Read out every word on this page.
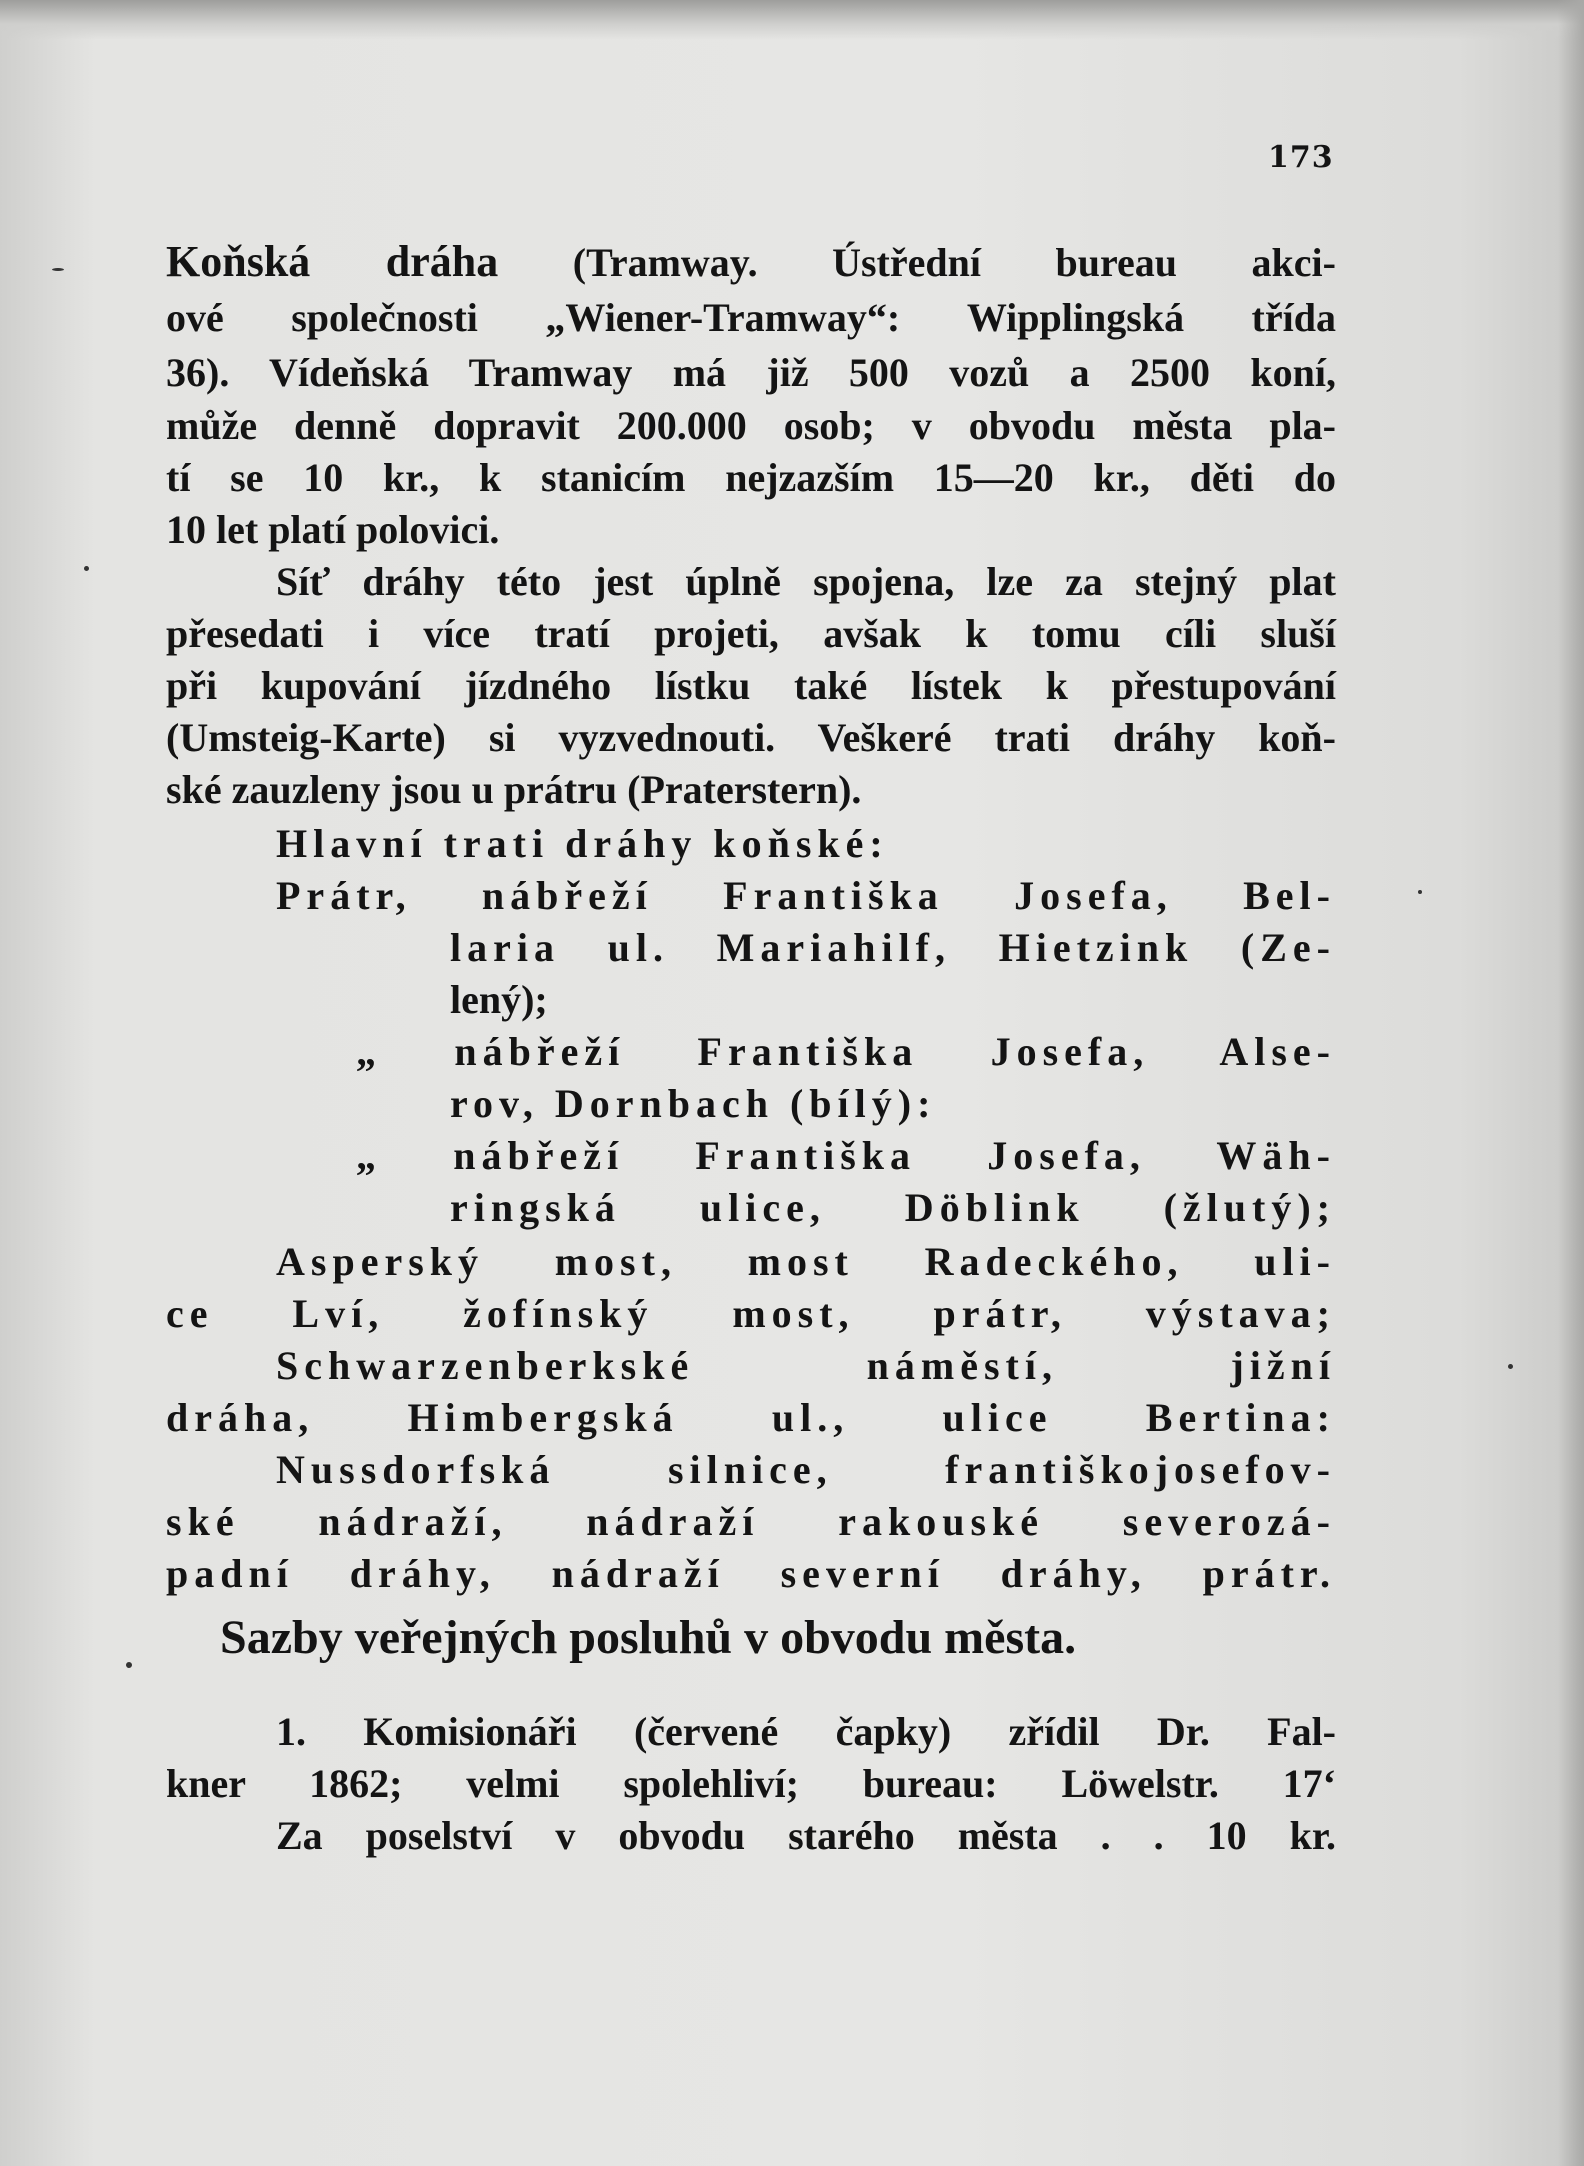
173
Koňská dráha (Tramway. Ústřední bureau akci-
ové společnosti „Wiener-Tramway“: Wipplingská třída
36). Vídeňská Tramway má již 500 vozů a 2500 koní,
může denně dopravit 200.000 osob; v obvodu města pla-
tí se 10 kr., k stanicím nejzazším 15—20 kr., děti do
10 let platí polovici.
Síť dráhy této jest úplně spojena, lze za stejný plat
přesedati i více tratí projeti, avšak k tomu cíli sluší
při kupování jízdného lístku také lístek k přestupování
(Umsteig-Karte) si vyzvednouti. Veškeré trati dráhy koň-
ské zauzleny jsou u prátru (Praterstern).
Hlavní trati dráhy koňské:
Prátr, nábřeží Františka Josefa, Bel-
laria ul. Mariahilf, Hietzink (Ze-
lený);
„ nábřeží Františka Josefa, Alse-
rov, Dornbach (bílý):
„ nábřeží Františka Josefa, Wäh-
ringská ulice, Döblink (žlutý);
Asperský most, most Radeckého, uli-
ce Lví, žofínský most, prátr, výstava;
Schwarzenberkské náměstí, jižní
dráha, Himbergská ul., ulice Bertina:
Nussdorfská silnice, františkojosefov-
ské nádraží, nádraží rakouské severozá-
padní dráhy, nádraží severní dráhy, prátr.
Sazby veřejných posluhů v obvodu města.
1. Komisionáři (červené čapky) zřídil Dr. Fal-
kner 1862; velmi spolehliví; bureau: Löwelstr. 17‘
Za poselství v obvodu starého města . . 10 kr.
